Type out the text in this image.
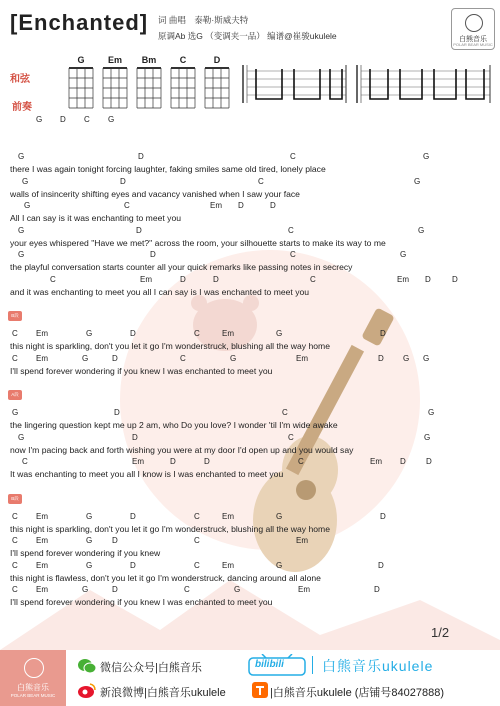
[Enchanted] 词 曲唱　泰勒·斯威夫特
原调Ab 选G （变调夹一品） 编谱@崔骏ukulele	白熊音乐
POLAR BEAR MUSIC
和弦
前奏
G	Em	Bm	C	D
G D C G
G	D	C	G
there I was again tonight forcing laughter, faking smiles same old tired, lonely place
G	D	C	G
walls of insincerity shifting eyes and vacancy vanished when I saw your face
G	C	Em D	D
All I can say is it was enchanting to meet you
G	D	C	G
your eyes whispered "Have we met?" across the room, your silhouette starts to make its way to me
G	D	C	G
the playful conversation starts counter all your quick remarks like passing notes in secrecy
C	Em	D	D	C	Em D	D
and it was enchanting to meet you all I can say is I was enchanted to meet you
B段
C Em	G	D	C	Em	G	D
this night is sparkling, don't you let it go I'm wonderstruck, blushing all the way home
C Em	G	D	C	G	Em	D G G
I'll spend forever wondering if you knew I was enchanted to meet you
A段
G	D	C	G
the lingering question kept me up 2 am, who Do you love? I wonder 'til I'm wide awake
G	D	C	G
now I'm pacing back and forth wishing you were at my door I'd open up and you would say
C	Em	D	D	C	Em D	D
It was enchanting to meet you all I know is I was enchanted to meet you
B段
C Em	G	D	C	Em	G	D
this night is sparkling, don't you let it go I'm wonderstruck, blushing all the way home
C Em	G D	C	Em
I'll spend forever wondering if you knew
C Em	G	D	C	Em	G	D
this night is flawless, don't you let it go I'm wonderstruck, dancing around all alone
C Em	G	D	C	G	Em	D
I'll spend forever wondering if you knew I was enchanted to meet you
1/2
白熊音乐
POLAR BEAR MUSIC
微信公众号|白熊音乐
新浪微博|白熊音乐ukulele
bilibili	白熊音乐ukulele
|白熊音乐ukulele (店铺号84027888)
